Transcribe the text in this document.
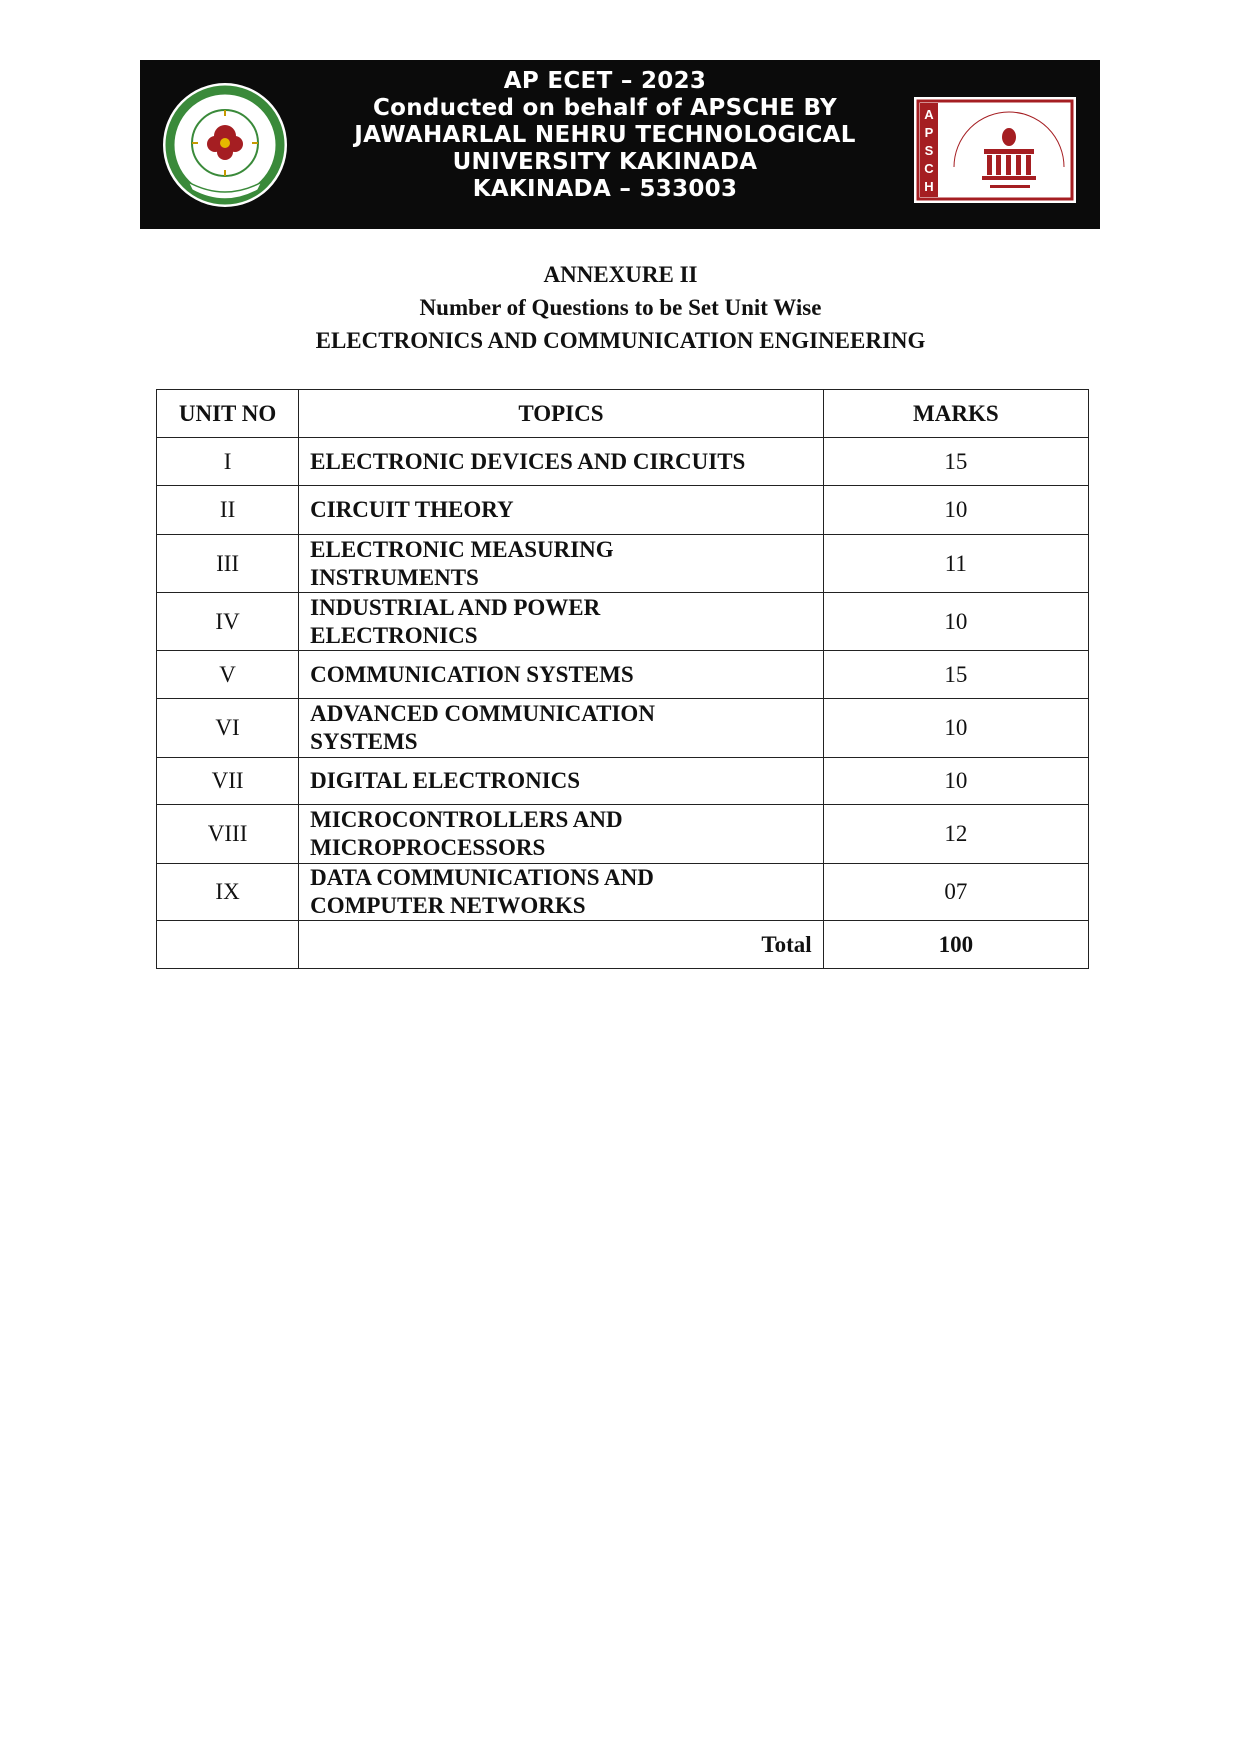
AP ECET – 2023
Conducted on behalf of APSCHE BY
JAWAHARLAL NEHRU TECHNOLOGICAL
UNIVERSITY KAKINADA
KAKINADA – 533003
A
P
S
C
H
ANNEXURE II
Number of Questions to be Set Unit Wise
ELECTRONICS AND COMMUNICATION ENGINEERING
UNIT NO	TOPICS	MARKS
I	ELECTRONIC DEVICES AND CIRCUITS	15
II	CIRCUIT THEORY	10
III	ELECTRONIC MEASURING
INSTRUMENTS	11
IV	INDUSTRIAL AND POWER
ELECTRONICS	10
V	COMMUNICATION SYSTEMS	15
VI	ADVANCED COMMUNICATION
SYSTEMS	10
VII	DIGITAL ELECTRONICS	10
VIII	MICROCONTROLLERS AND
MICROPROCESSORS	12
IX	DATA COMMUNICATIONS AND
COMPUTER NETWORKS	07
	Total	100
